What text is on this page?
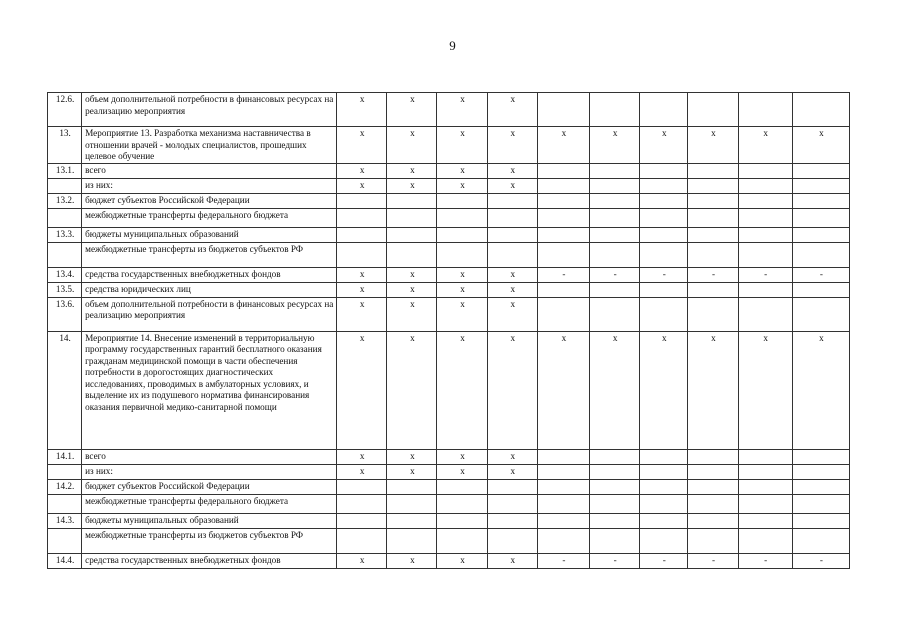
9
12.6.	объем дополнительной потребности в финансовых ресурсах на реализацию мероприятия	х	х	х	х						
13.	Мероприятие 13. Разработка механизма наставничества в отношении врачей - молодых специалистов, прошедших целевое обучение	х	х	х	х	х	х	х	х	х	х
13.1.	всего	х	х	х	х						
	из них:	х	х	х	х						
13.2.	бюджет субъектов Российской Федерации										
	межбюджетные трансферты федерального бюджета										
13.3.	бюджеты муниципальных образований										
	межбюджетные трансферты из бюджетов субъектов РФ										
13.4.	средства государственных внебюджетных фондов	х	х	х	х	-	-	-	-	-	-
13.5.	средства юридических лиц	х	х	х	х						
13.6.	объем дополнительной потребности в финансовых ресурсах на реализацию мероприятия	х	х	х	х						
14.	Мероприятие 14. Внесение изменений в территориальную программу государственных гарантий бесплатного оказания гражданам медицинской помощи в части обеспечения потребности в дорогостоящих диагностических исследованиях, проводимых в амбулаторных условиях, и выделение их из подушевого норматива финансирования оказания первичной медико-санитарной помощи	х	х	х	х	х	х	х	х	х	х
14.1.	всего	х	х	х	х						
	из них:	х	х	х	х						
14.2.	бюджет субъектов Российской Федерации										
	межбюджетные трансферты федерального бюджета										
14.3.	бюджеты муниципальных образований										
	межбюджетные трансферты из бюджетов субъектов РФ										
14.4.	средства государственных внебюджетных фондов	х	х	х	х	-	-	-	-	-	-
